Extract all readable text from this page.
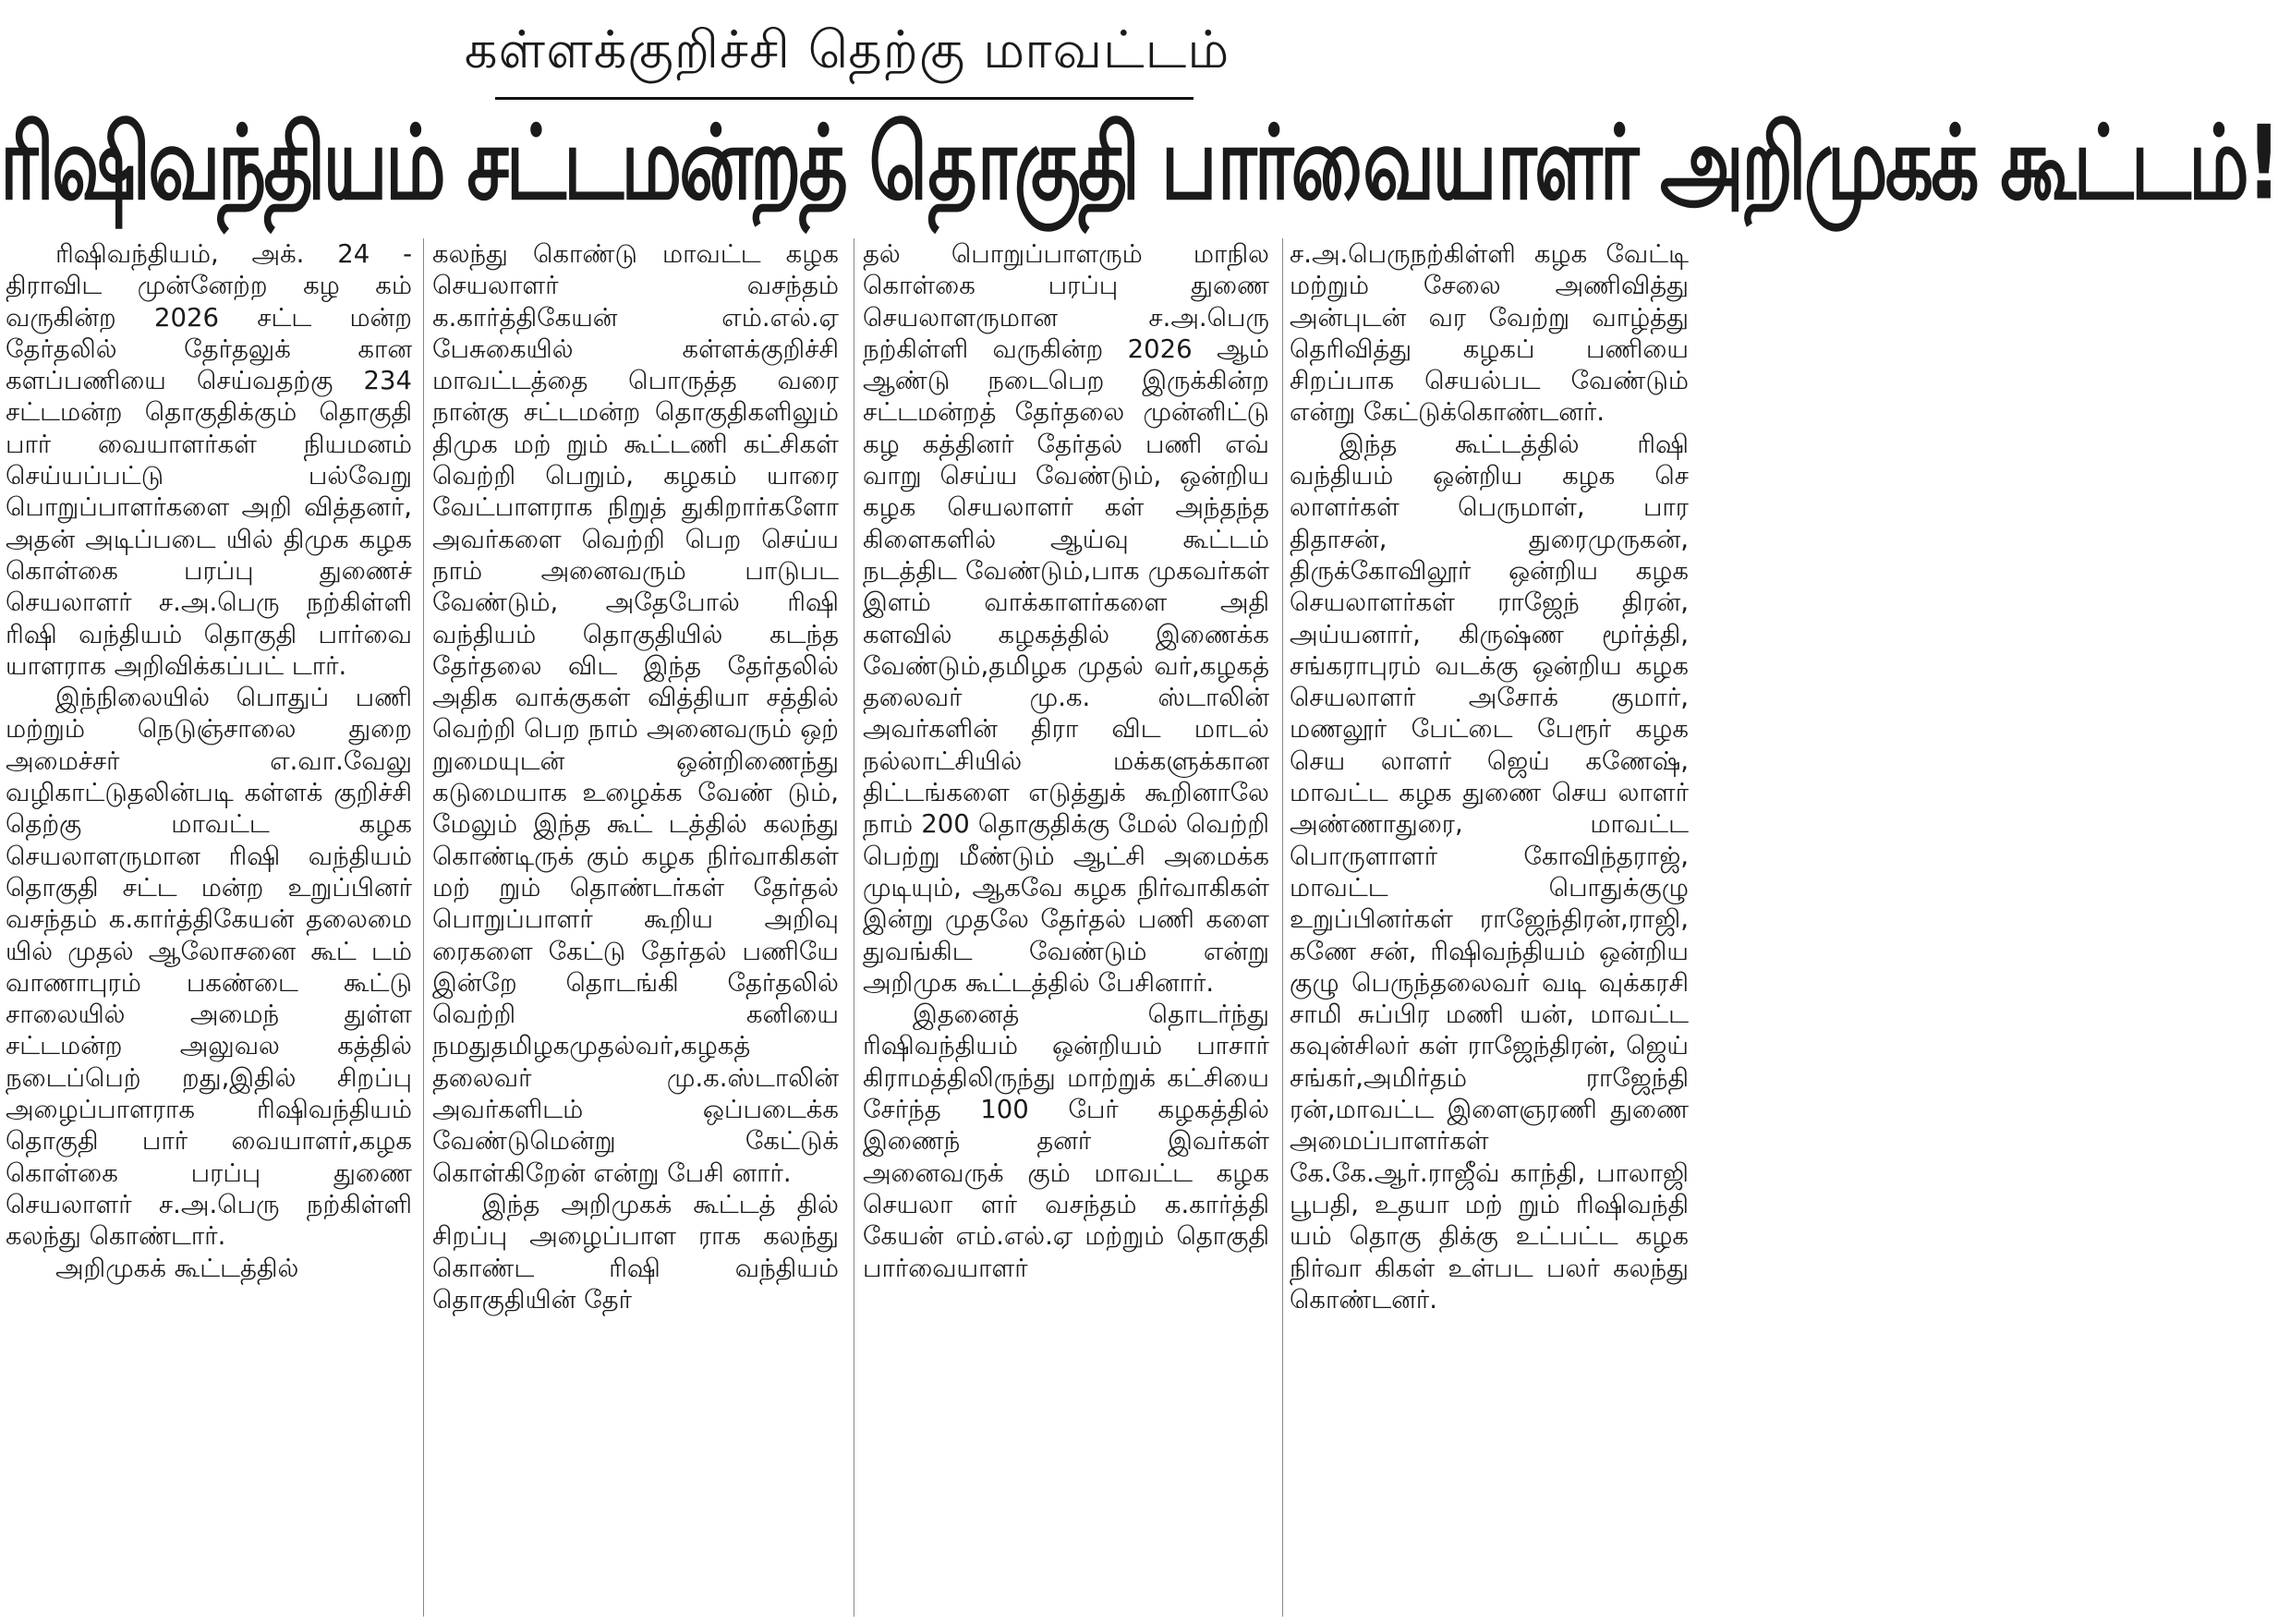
கள்ளக்குறிச்சி தெற்கு மாவட்டம்
ரிஷிவந்தியம் சட்டமன்றத் தொகுதி பார்வையாளர் அறிமுகக் கூட்டம்!

ரிஷிவந்தியம், அக். 24 - திராவிட முன்னேற்ற கழ கம் வருகின்ற 2026 சட்ட மன்ற தேர்தலில் தேர்தலுக் கான களப்பணியை செய்வதற்கு 234 சட்டமன்ற தொகுதிக்கும் தொகுதி பார் வையாளர்கள் நியமனம் செய்யப்பட்டு பல்வேறு பொறுப்பாளர்களை அறி வித்தனர், அதன் அடிப்படை யில் திமுக கழக கொள்கை பரப்பு துணைச் செயலாளர் ச.அ.பெரு நற்கிள்ளி ரிஷி வந்தியம் தொகுதி பார்வை யாளராக அறிவிக்கப்பட் டார்.

இந்நிலையில் பொதுப் பணி மற்றும் நெடுஞ்சாலை துறை அமைச்சர் எ.வா.வேலு வழிகாட்டுதலின்படி கள்ளக் குறிச்சி தெற்கு மாவட்ட கழக செயலாளருமான ரிஷி வந்தியம் தொகுதி சட்ட மன்ற உறுப்பினர் வசந்தம் க.கார்த்திகேயன் தலைமை யில் முதல் ஆலோசனை கூட் டம் வாணாபுரம் பகண்டை கூட்டு சாலையில் அமைந் துள்ள சட்டமன்ற அலுவல கத்தில் நடைப்பெற் றது,இதில் சிறப்பு அழைப்பாளராக ரிஷிவந்தியம் தொகுதி பார் வையாளர்,கழக கொள்கை பரப்பு துணை செயலாளர் ச.அ.பெரு நற்கிள்ளி கலந்து கொண்டார்.

அறிமுகக் கூட்டத்தில்

கலந்து கொண்டு மாவட்ட கழக செயலாளர் வசந்தம் க.கார்த்திகேயன் எம்.எல்.ஏ பேசுகையில் கள்ளக்குறிச்சி மாவட்டத்தை பொருத்த வரை நான்கு சட்டமன்ற தொகுதிகளிலும் திமுக மற் றும் கூட்டணி கட்சிகள் வெற்றி பெறும், கழகம் யாரை வேட்பாளராக நிறுத் துகிறார்களோ அவர்களை வெற்றி பெற செய்ய நாம் அனைவரும் பாடுபட வேண்டும், அதேபோல் ரிஷி வந்தியம் தொகுதியில் கடந்த தேர்தலை விட இந்த தேர்தலில் அதிக வாக்குகள் வித்தியா சத்தில் வெற்றி பெற நாம் அனைவரும் ஒற் றுமையுடன் ஒன்றிணைந்து கடுமையாக உழைக்க வேண் டும், மேலும் இந்த கூட் டத்தில் கலந்து கொண்டிருக் கும் கழக நிர்வாகிகள் மற் றும் தொண்டர்கள் தேர்தல் பொறுப்பாளர் கூறிய அறிவு ரைகளை கேட்டு தேர்தல் பணியே இன்றே தொடங்கி தேர்தலில் வெற்றி கனியை நமதுதமிழகமுதல்வர்,கழகத் தலைவர் மு.க.ஸ்டாலின் அவர்களிடம் ஒப்படைக்க வேண்டுமென்று கேட்டுக் கொள்கிறேன் என்று பேசி னார்.

இந்த அறிமுகக் கூட்டத் தில் சிறப்பு அழைப்பாள ராக கலந்து கொண்ட ரிஷி வந்தியம் தொகுதியின் தேர்

தல் பொறுப்பாளரும் மாநில கொள்கை பரப்பு துணை செயலாளருமான ச.அ.பெரு நற்கிள்ளி வருகின்ற 2026 ஆம் ஆண்டு நடைபெற இருக்கின்ற சட்டமன்றத் தேர்தலை முன்னிட்டு கழ கத்தினர் தேர்தல் பணி எவ் வாறு செய்ய வேண்டும், ஒன்றிய கழக செயலாளர் கள் அந்தந்த கிளைகளில் ஆய்வு கூட்டம் நடத்திட வேண்டும்,பாக முகவர்கள் இளம் வாக்காளர்களை அதி களவில் கழகத்தில் இணைக்க வேண்டும்,தமிழக முதல் வர்,கழகத் தலைவர் மு.க. ஸ்டாலின் அவர்களின் திரா விட மாடல் நல்லாட்சியில் மக்களுக்கான திட்டங்களை எடுத்துக் கூறினாலே நாம் 200 தொகுதிக்கு மேல் வெற்றி பெற்று மீண்டும் ஆட்சி அமைக்க முடியும், ஆகவே கழக நிர்வாகிகள் இன்று முதலே தேர்தல் பணி களை துவங்கிட வேண்டும் என்று அறிமுக கூட்டத்தில் பேசினார்.

இதனைத் தொடர்ந்து ரிஷிவந்தியம் ஒன்றியம் பாசார் கிராமத்திலிருந்து மாற்றுக் கட்சியை சேர்ந்த 100 பேர் கழகத்தில் இணைந் தனர் இவர்கள் அனைவருக் கும் மாவட்ட கழக செயலா ளர் வசந்தம் க.கார்த்தி கேயன் எம்.எல்.ஏ மற்றும் தொகுதி பார்வையாளர்

ச.அ.பெருநற்கிள்ளி கழக வேட்டி மற்றும் சேலை அணிவித்து அன்புடன் வர வேற்று வாழ்த்து தெரிவித்து கழகப் பணியை சிறப்பாக செயல்பட வேண்டும் என்று கேட்டுக்கொண்டனர்.

இந்த கூட்டத்தில் ரிஷி வந்தியம் ஒன்றிய கழக செ லாளர்கள் பெருமாள், பார திதாசன், துரைமுருகன், திருக்கோவிலூர் ஒன்றிய கழக செயலாளர்கள் ராஜேந் திரன், அய்யனார், கிருஷ்ண மூர்த்தி, சங்கராபுரம் வடக்கு ஒன்றிய கழக செயலாளர் அசோக் குமார், மணலூர் பேட்டை பேரூர் கழக செய லாளர் ஜெய் கணேஷ், மாவட்ட கழக துணை செய லாளர் அண்ணாதுரை, மாவட்ட பொருளாளர் கோவிந்தராஜ், மாவட்ட பொதுக்குழு உறுப்பினர்கள் ராஜேந்திரன்,ராஜி, கணே சன், ரிஷிவந்தியம் ஒன்றிய குழு பெருந்தலைவர் வடி வுக்கரசி சாமி சுப்பிர மணி யன், மாவட்ட கவுன்சிலர் கள் ராஜேந்திரன், ஜெய் சங்கர்,அமிர்தம் ராஜேந்தி ரன்,மாவட்ட இளைஞரணி துணை அமைப்பாளர்கள் கே.கே.ஆர்.ராஜீவ் காந்தி, பாலாஜி பூபதி, உதயா மற் றும் ரிஷிவந்தி யம் தொகு திக்கு உட்பட்ட கழக நிர்வா கிகள் உள்பட பலர் கலந்து கொண்டனர்.
